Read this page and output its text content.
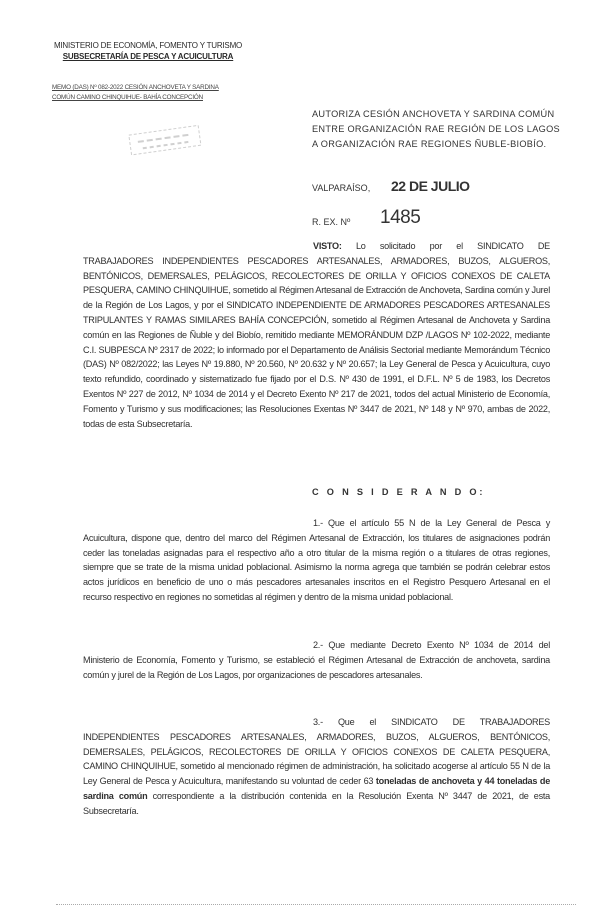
MINISTERIO DE ECONOMÍA, FOMENTO Y TURISMO
SUBSECRETARÍA DE PESCA Y ACUICULTURA
MEMO (DAS) Nº 082-2022 CESIÓN ANCHOVETA Y SARDINA
COMÚN CAMINO CHINQUIHUE- BAHÍA CONCEPCIÓN
AUTORIZA CESIÓN ANCHOVETA Y SARDINA COMÚN ENTRE ORGANIZACIÓN RAE REGIÓN DE LOS LAGOS A ORGANIZACIÓN RAE REGIONES ÑUBLE-BIOBÍO.
VALPARAÍSO, 22 DE JULIO
R. EX. Nº 1485
VISTO: Lo solicitado por el SINDICATO DE TRABAJADORES INDEPENDIENTES PESCADORES ARTESANALES, ARMADORES, BUZOS, ALGUEROS, BENTÓNICOS, DEMERSALES, PELÁGICOS, RECOLECTORES DE ORILLA Y OFICIOS CONEXOS DE CALETA PESQUERA, CAMINO CHINQUIHUE, sometido al Régimen Artesanal de Extracción de Anchoveta, Sardina común y Jurel de la Región de Los Lagos, y por el SINDICATO INDEPENDIENTE DE ARMADORES PESCADORES ARTESANALES TRIPULANTES Y RAMAS SIMILARES BAHÍA CONCEPCIÓN, sometido al Régimen Artesanal de Anchoveta y Sardina común en las Regiones de Ñuble y del Biobío, remitido mediante MEMORÁNDUM DZP /LAGOS Nº 102-2022, mediante C.I. SUBPESCA Nº 2317 de 2022; lo informado por el Departamento de Análisis Sectorial mediante Memorándum Técnico (DAS) Nº 082/2022; las Leyes Nº 19.880, Nº 20.560, Nº 20.632 y Nº 20.657; la Ley General de Pesca y Acuicultura, cuyo texto refundido, coordinado y sistematizado fue fijado por el D.S. Nº 430 de 1991, el D.F.L. Nº 5 de 1983, los Decretos Exentos Nº 227 de 2012, Nº 1034 de 2014 y el Decreto Exento Nº 217 de 2021, todos del actual Ministerio de Economía, Fomento y Turismo y sus modificaciones; las Resoluciones Exentas Nº 3447 de 2021, Nº 148 y Nº 970, ambas de 2022, todas de esta Subsecretaría.
C O N S I D E R A N D O:
1.- Que el artículo 55 N de la Ley General de Pesca y Acuicultura, dispone que, dentro del marco del Régimen Artesanal de Extracción, los titulares de asignaciones podrán ceder las toneladas asignadas para el respectivo año a otro titular de la misma región o a titulares de otras regiones, siempre que se trate de la misma unidad poblacional. Asimismo la norma agrega que también se podrán celebrar estos actos jurídicos en beneficio de uno o más pescadores artesanales inscritos en el Registro Pesquero Artesanal en el recurso respectivo en regiones no sometidas al régimen y dentro de la misma unidad poblacional.
2.- Que mediante Decreto Exento Nº 1034 de 2014 del Ministerio de Economía, Fomento y Turismo, se estableció el Régimen Artesanal de Extracción de anchoveta, sardina común y jurel de la Región de Los Lagos, por organizaciones de pescadores artesanales.
3.- Que el SINDICATO DE TRABAJADORES INDEPENDIENTES PESCADORES ARTESANALES, ARMADORES, BUZOS, ALGUEROS, BENTÓNICOS, DEMERSALES, PELÁGICOS, RECOLECTORES DE ORILLA Y OFICIOS CONEXOS DE CALETA PESQUERA, CAMINO CHINQUIHUE, sometido al mencionado régimen de administración, ha solicitado acogerse al artículo 55 N de la Ley General de Pesca y Acuicultura, manifestando su voluntad de ceder 63 toneladas de anchoveta y 44 toneladas de sardina común correspondiente a la distribución contenida en la Resolución Exenta Nº 3447 de 2021, de esta Subsecretaría.
